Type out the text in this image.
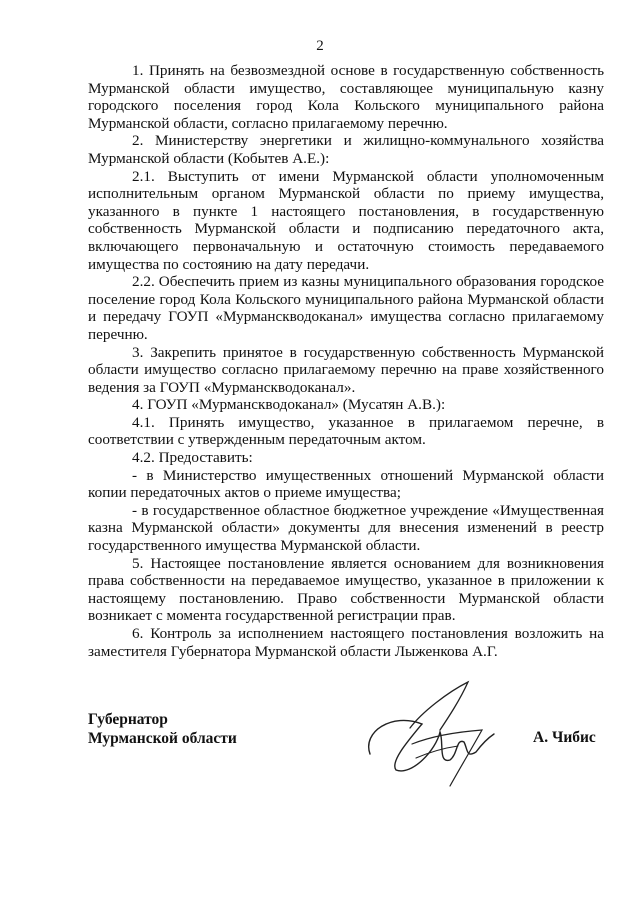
2

1. Принять на безвозмездной основе в государственную собственность Мурманской области имущество, составляющее муниципальную казну городского поселения город Кола Кольского муниципального района Мурманской области, согласно прилагаемому перечню.

2. Министерству энергетики и жилищно-коммунального хозяйства Мурманской области (Кобытев А.Е.):

2.1. Выступить от имени Мурманской области уполномоченным исполнительным органом Мурманской области по приему имущества, указанного в пункте 1 настоящего постановления, в государственную собственность Мурманской области и подписанию передаточного акта, включающего первоначальную и остаточную стоимость передаваемого имущества по состоянию на дату передачи.

2.2. Обеспечить прием из казны муниципального образования городское поселение город Кола Кольского муниципального района Мурманской области и передачу ГОУП «Мурманскводоканал» имущества согласно прилагаемому перечню.

3. Закрепить принятое в государственную собственность Мурманской области имущество согласно прилагаемому перечню на праве хозяйственного ведения за ГОУП «Мурманскводоканал».

4. ГОУП «Мурманскводоканал» (Мусатян А.В.):

4.1. Принять имущество, указанное в прилагаемом перечне, в соответствии с утвержденным передаточным актом.

4.2. Предоставить:

- в Министерство имущественных отношений Мурманской области копии передаточных актов о приеме имущества;

- в государственное областное бюджетное учреждение «Имущественная казна Мурманской области» документы для внесения изменений в реестр государственного имущества Мурманской области.

5. Настоящее постановление является основанием для возникновения права собственности на передаваемое имущество, указанное в приложении к настоящему постановлению. Право собственности Мурманской области возникает с момента государственной регистрации прав.

6. Контроль за исполнением настоящего постановления возложить на заместителя Губернатора Мурманской области Лыженкова А.Г.

Губернатор
Мурманской области	А. Чибис
